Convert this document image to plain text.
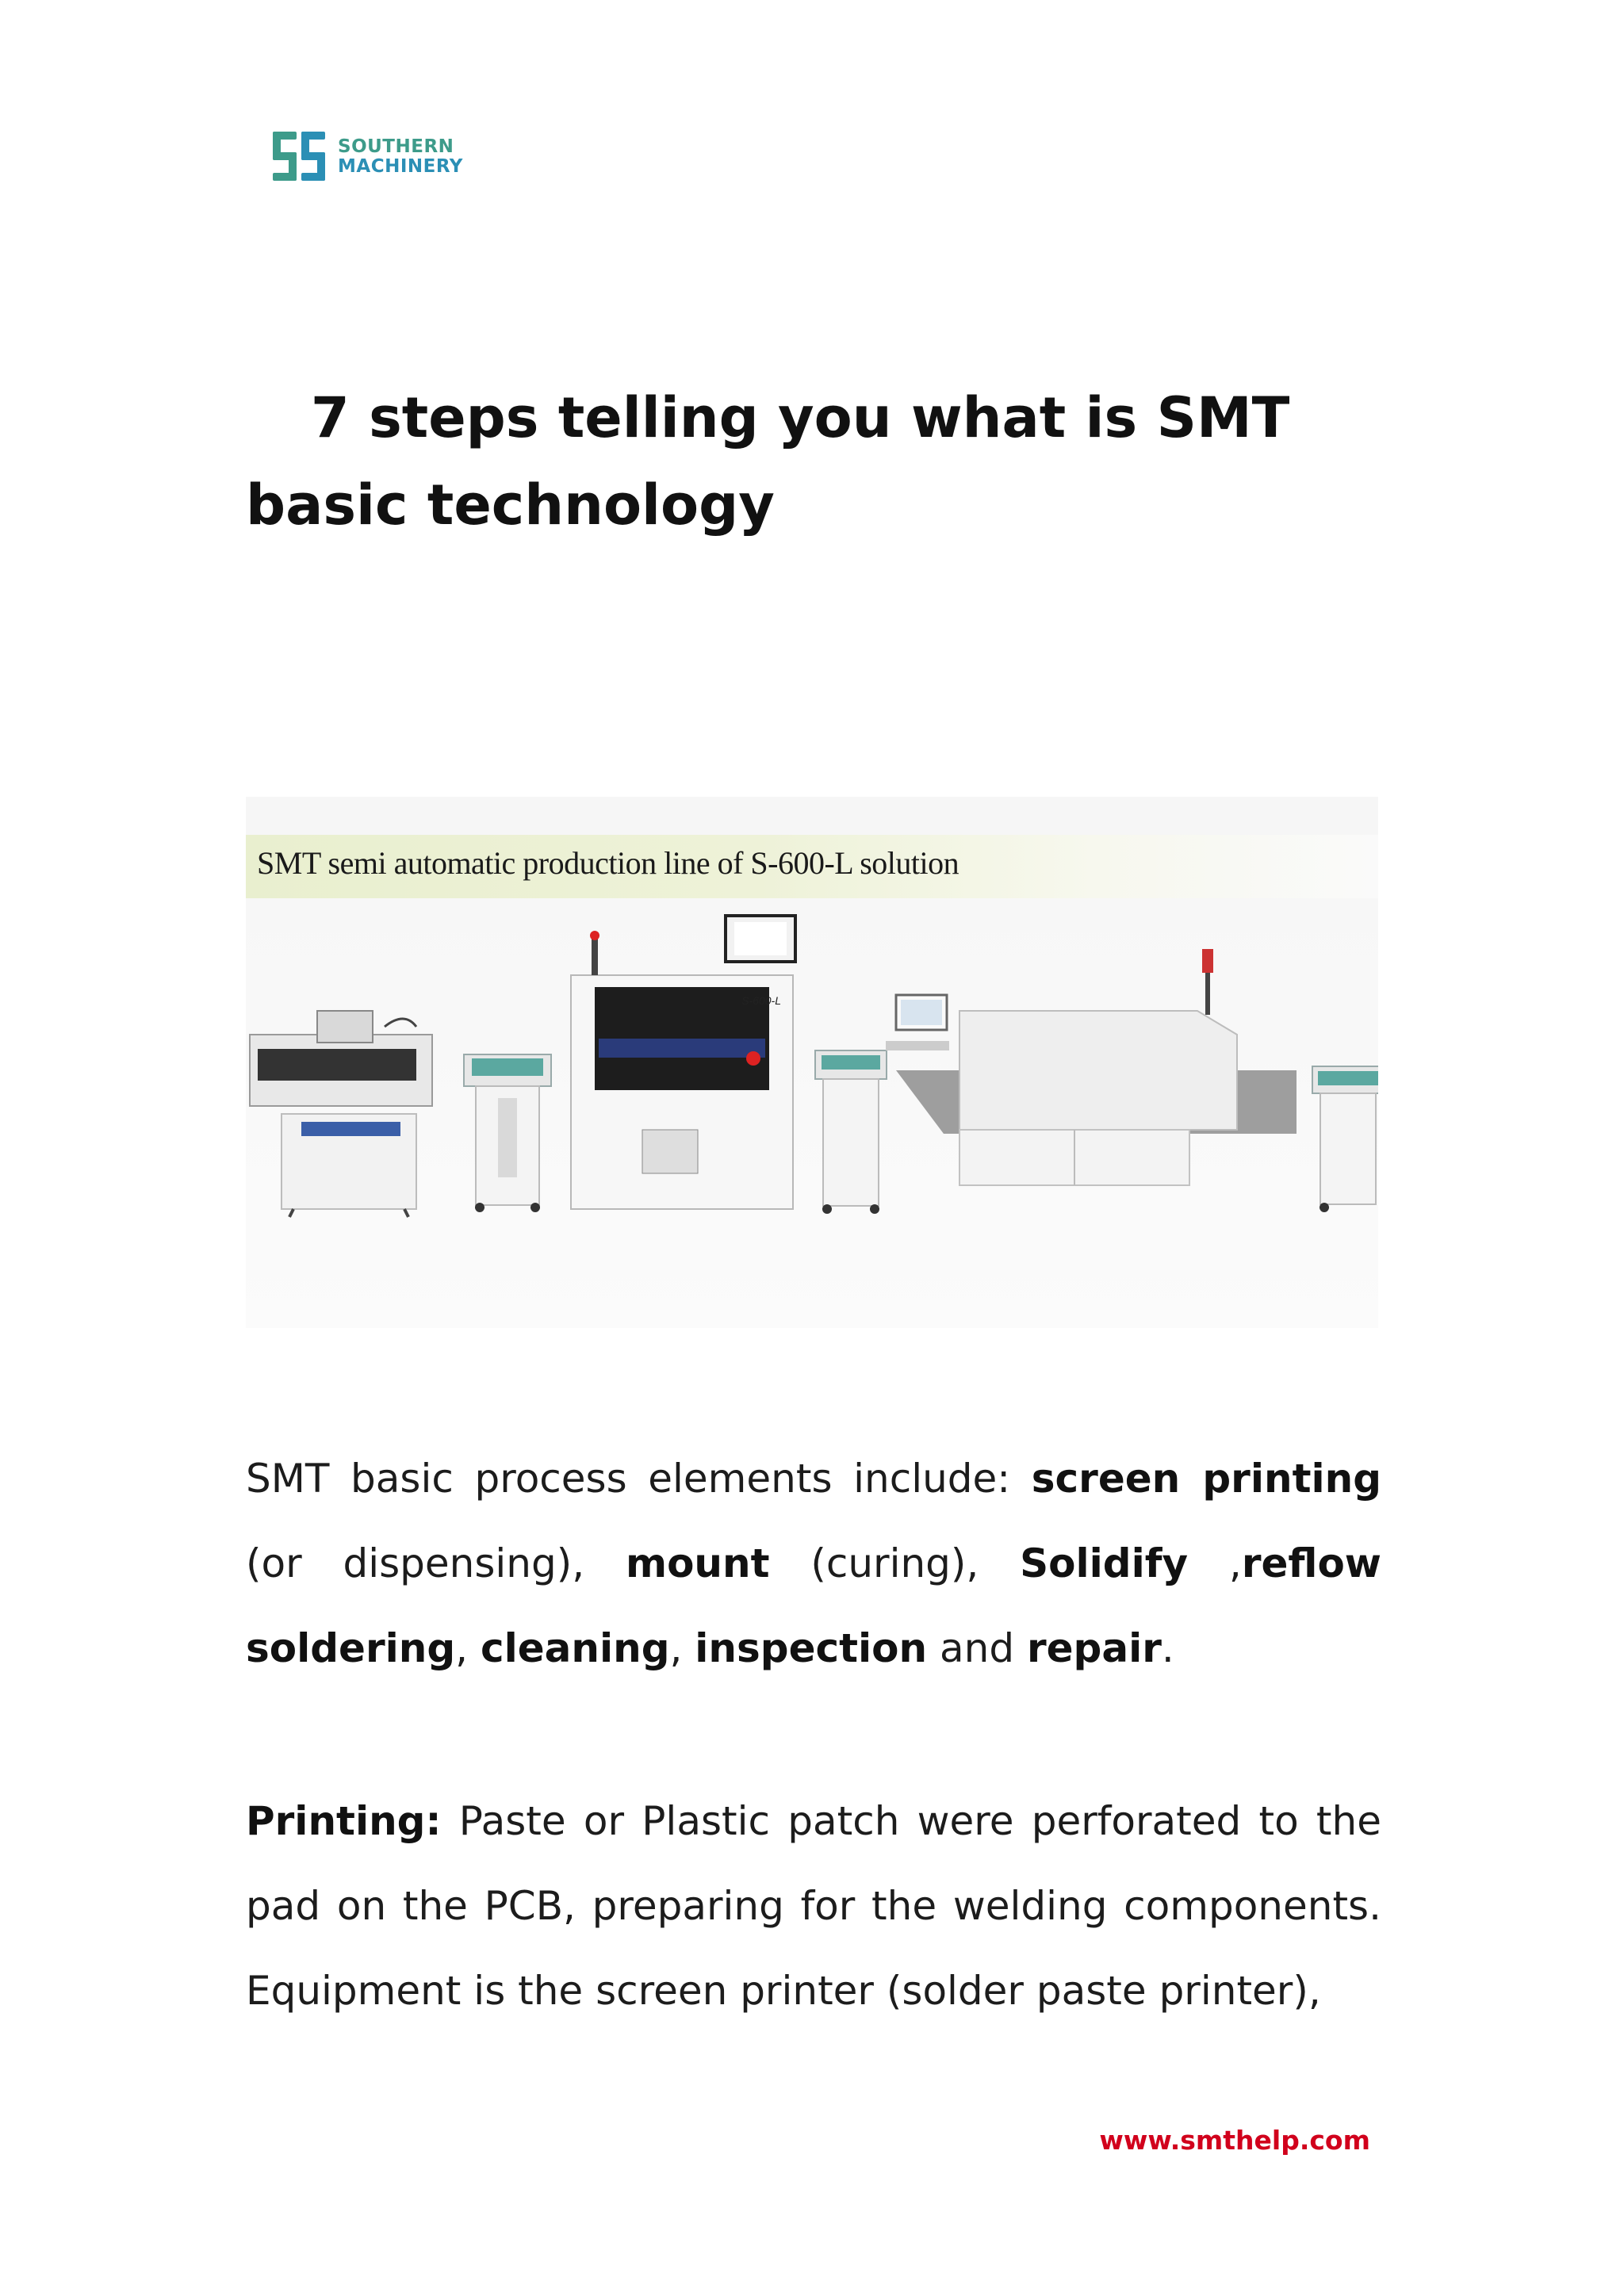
SOUTHERN
MACHINERY
7 steps telling you what is SMT basic technology
SMT semi automatic production line of S-600-L solution
S-600-L

SMT basic process elements include: screen printing (or dispensing), mount (curing), Solidify ,reflow soldering, cleaning, inspection and repair.

Printing: Paste or Plastic patch were perforated to the pad on the PCB, preparing for the welding components. Equipment is the screen printer (solder paste printer),

www.smthelp.com
